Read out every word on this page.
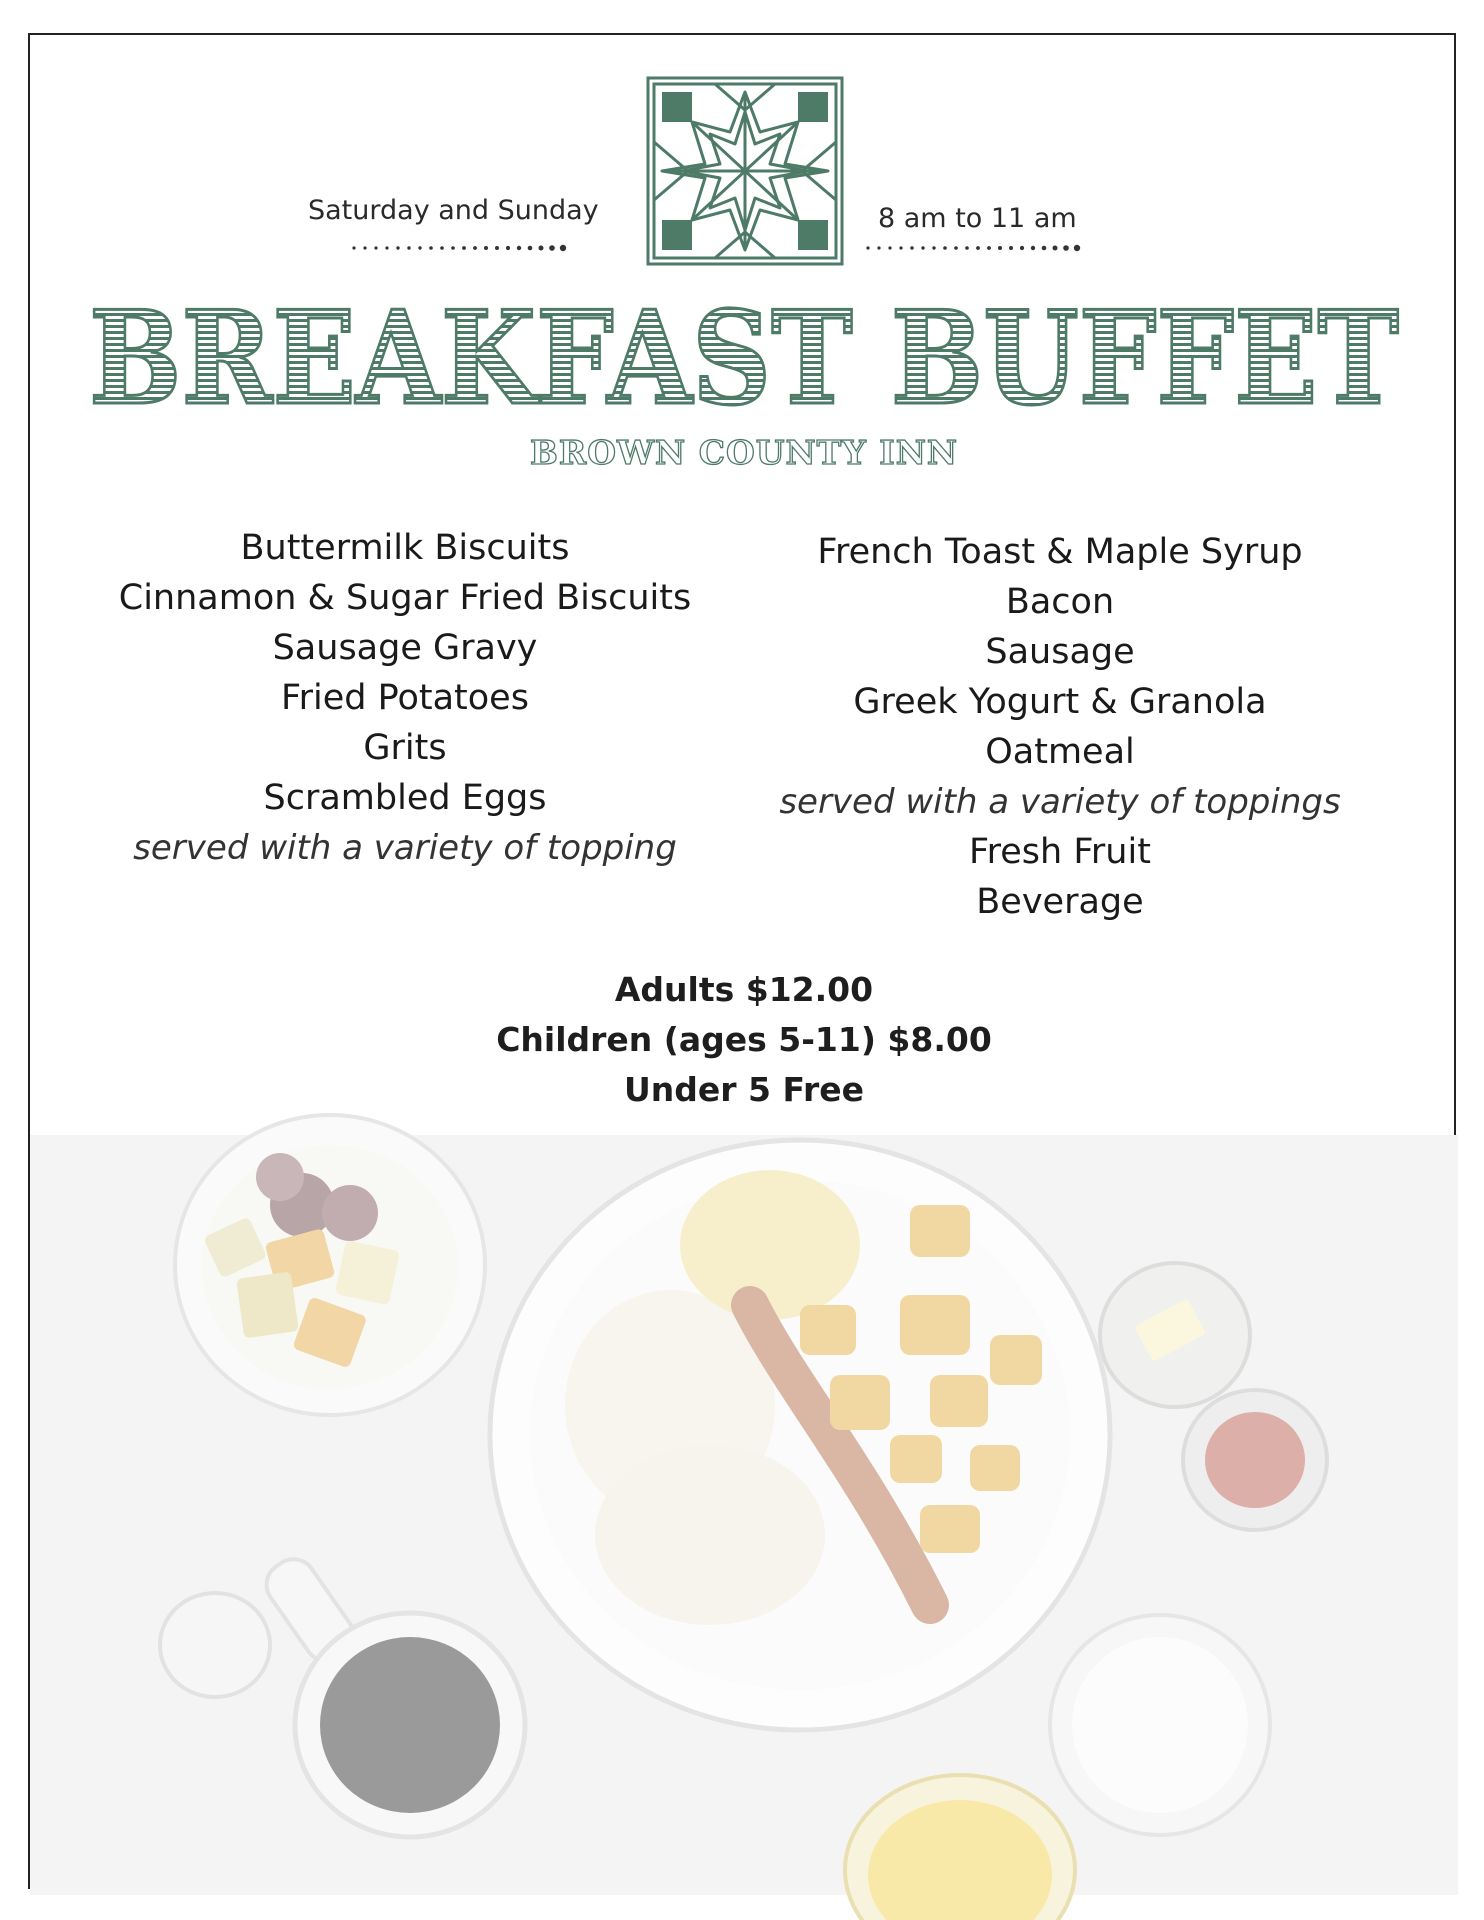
Saturday and Sunday	8 am to 11 am
BREAKFAST BUFFET
BROWN COUNTY INN
Buttermilk Biscuits
Cinnamon & Sugar Fried Biscuits
Sausage Gravy
Fried Potatoes
Grits
Scrambled Eggs
served with a variety of topping
French Toast & Maple Syrup
Bacon
Sausage
Greek Yogurt & Granola
Oatmeal
served with a variety of toppings
Fresh Fruit
Beverage
Adults $12.00
Children (ages 5-11) $8.00
Under 5 Free
